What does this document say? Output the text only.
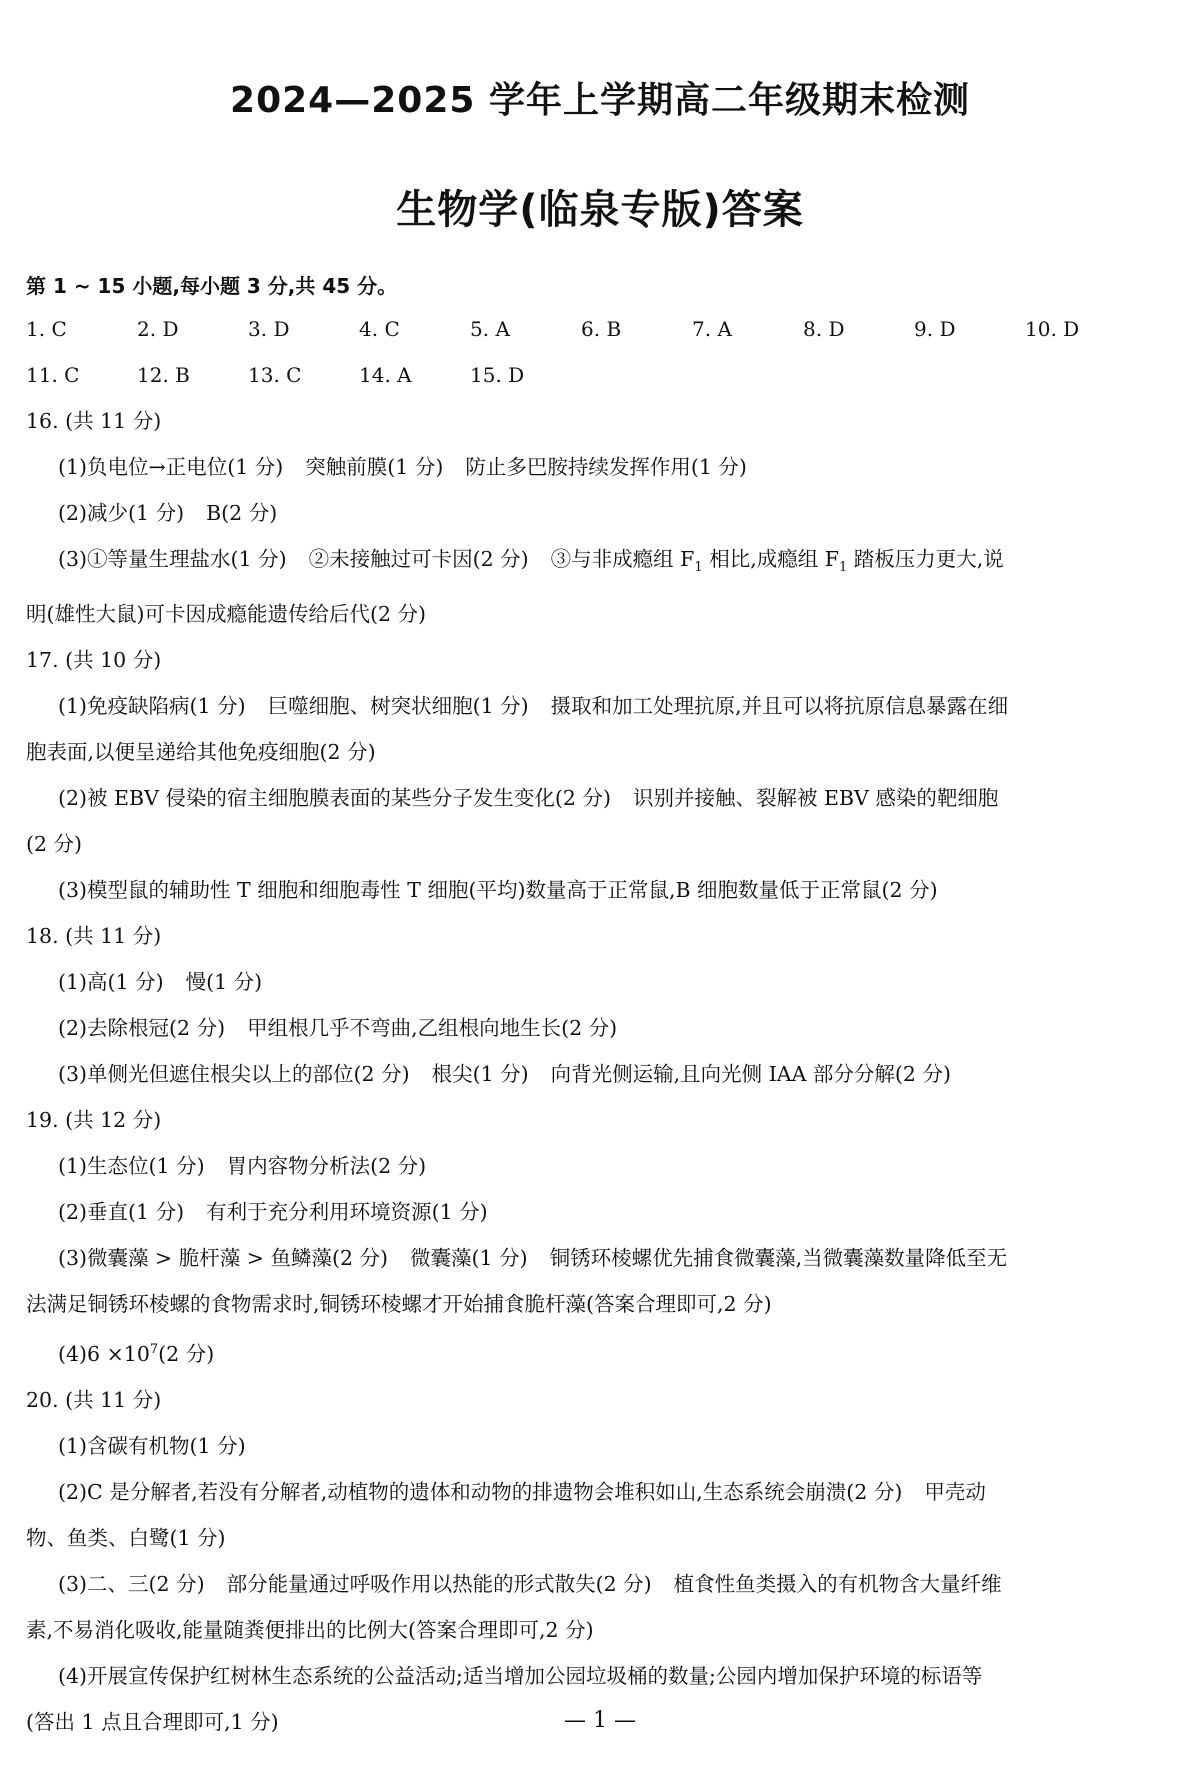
2024—2025 学年上学期高二年级期末检测
生物学(临泉专版)答案
第 1 ~ 15 小题,每小题 3 分,共 45 分。
1. C	2. D	3. D	4. C	5. A	6. B	7. A	8. D	9. D	10. D
11. C	12. B	13. C	14. A	15. D
16. (共 11 分)
(1)负电位→正电位(1 分) 突触前膜(1 分) 防止多巴胺持续发挥作用(1 分)
(2)减少(1 分) B(2 分)
(3)①等量生理盐水(1 分) ②未接触过可卡因(2 分) ③与非成瘾组 $F_1$ 相比,成瘾组 $F_1$ 踏板压力更大,说
明(雄性大鼠)可卡因成瘾能遗传给后代(2 分)
17. (共 10 分)
(1)免疫缺陷病(1 分) 巨噬细胞、树突状细胞(1 分) 摄取和加工处理抗原,并且可以将抗原信息暴露在细
胞表面,以便呈递给其他免疫细胞(2 分)
(2)被 EBV 侵染的宿主细胞膜表面的某些分子发生变化(2 分) 识别并接触、裂解被 EBV 感染的靶细胞
(2 分)
(3)模型鼠的辅助性 T 细胞和细胞毒性 T 细胞(平均)数量高于正常鼠,B 细胞数量低于正常鼠(2 分)
18. (共 11 分)
(1)高(1 分) 慢(1 分)
(2)去除根冠(2 分) 甲组根几乎不弯曲,乙组根向地生长(2 分)
(3)单侧光但遮住根尖以上的部位(2 分) 根尖(1 分) 向背光侧运输,且向光侧 IAA 部分分解(2 分)
19. (共 12 分)
(1)生态位(1 分) 胃内容物分析法(2 分)
(2)垂直(1 分) 有利于充分利用环境资源(1 分)
(3)微囊藻 > 脆杆藻 > 鱼鳞藻(2 分) 微囊藻(1 分) 铜锈环棱螺优先捕食微囊藻,当微囊藻数量降低至无
法满足铜锈环棱螺的食物需求时,铜锈环棱螺才开始捕食脆杆藻(答案合理即可,2 分)
$(4)6 \times 10^7(2$ 分)
20. (共 11 分)
(1)含碳有机物(1 分)
(2)C 是分解者,若没有分解者,动植物的遗体和动物的排遗物会堆积如山,生态系统会崩溃(2 分) 甲壳动
物、鱼类、白鹭(1 分)
(3)二、三(2 分) 部分能量通过呼吸作用以热能的形式散失(2 分) 植食性鱼类摄入的有机物含大量纤维
素,不易消化吸收,能量随粪便排出的比例大(答案合理即可,2 分)
(4)开展宣传保护红树林生态系统的公益活动;适当增加公园垃圾桶的数量;公园内增加保护环境的标语等
(答出 1 点且合理即可,1 分)	— 1 —
